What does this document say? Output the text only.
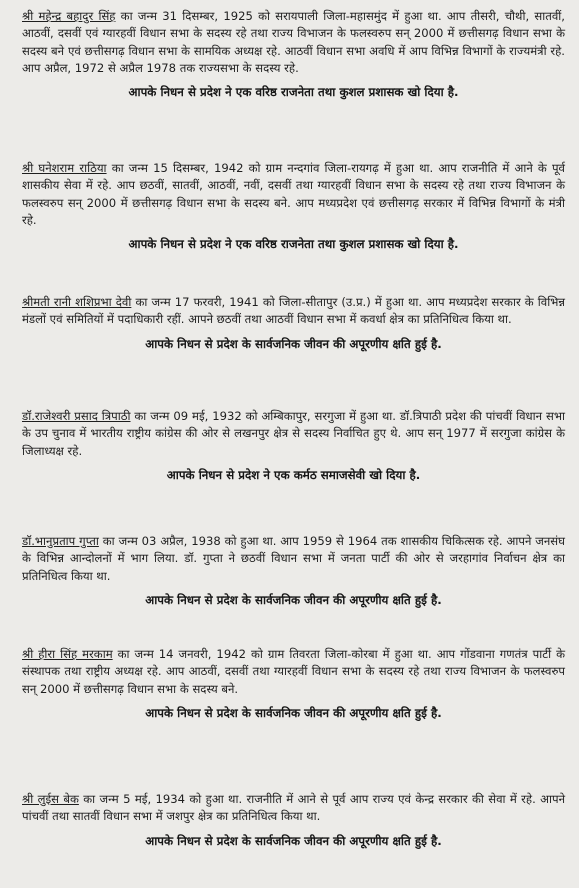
श्री महेन्द्र बहादुर सिंह का जन्म 31 दिसम्बर, 1925 को सरायपाली जिला-महासमुंद में हुआ था. आप तीसरी, चौथी, सातवीं, आठवीं, दसवीं एवं ग्यारहवीं विधान सभा के सदस्य रहे तथा राज्य विभाजन के फलस्वरुप सन् 2000 में छत्तीसगढ़ विधान सभा के सदस्य बने एवं छत्तीसगढ़ विधान सभा के सामयिक अध्यक्ष रहे. आठवीं विधान सभा अवधि में आप विभिन्न विभागों के राज्यमंत्री रहे. आप अप्रैल, 1972 से अप्रैल 1978 तक राज्यसभा के सदस्य रहे.

आपके निधन से प्रदेश ने एक वरिष्ठ राजनेता तथा कुशल प्रशासक खो दिया है.

श्री घनेशराम राठिया का जन्म 15 दिसम्बर, 1942 को ग्राम नन्दगांव जिला-रायगढ़ में हुआ था. आप राजनीति में आने के पूर्व शासकीय सेवा में रहे. आप छठवीं, सातवीं, आठवीं, नवीं, दसवीं तथा ग्यारहवीं विधान सभा के सदस्य रहे तथा राज्य विभाजन के फलस्वरुप सन् 2000 में छत्तीसगढ़ विधान सभा के सदस्य बने. आप मध्यप्रदेश एवं छत्तीसगढ़ सरकार में विभिन्न विभागों के मंत्री रहे.

आपके निधन से प्रदेश ने एक वरिष्ठ राजनेता तथा कुशल प्रशासक खो दिया है.

श्रीमती रानी शशिप्रभा देवी का जन्म 17 फरवरी, 1941 को जिला-सीतापुर (उ.प्र.) में हुआ था. आप मध्यप्रदेश सरकार के विभिन्न मंडलों एवं समितियों में पदाधिकारी रहीं. आपने छठवीं तथा आठवीं विधान सभा में कवर्धा क्षेत्र का प्रतिनिधित्व किया था.

आपके निधन से प्रदेश के सार्वजनिक जीवन की अपूरणीय क्षति हुई है.

डॉ.राजेश्वरी प्रसाद त्रिपाठी का जन्म 09 मई, 1932 को अम्बिकापुर, सरगुजा में हुआ था. डॉ.त्रिपाठी प्रदेश की पांचवीं विधान सभा के उप चुनाव में भारतीय राष्ट्रीय कांग्रेस की ओर से लखनपुर क्षेत्र से सदस्य निर्वाचित हुए थे. आप सन् 1977 में सरगुजा कांग्रेस के जिलाध्यक्ष रहे.

आपके निधन से प्रदेश ने एक कर्मठ समाजसेवी खो दिया है.

डॉ.भानुप्रताप गुप्ता का जन्म 03 अप्रैल, 1938 को हुआ था. आप 1959 से 1964 तक शासकीय चिकित्सक रहे. आपने जनसंघ के विभिन्न आन्दोलनों में भाग लिया. डॉ. गुप्ता ने छठवीं विधान सभा में जनता पार्टी की ओर से जरहागांव निर्वाचन क्षेत्र का प्रतिनिधित्व किया था.

आपके निधन से प्रदेश के सार्वजनिक जीवन की अपूरणीय क्षति हुई है.

श्री हीरा सिंह मरकाम का जन्म 14 जनवरी, 1942 को ग्राम तिवरता जिला-कोरबा में हुआ था. आप गोंडवाना गणतंत्र पार्टी के संस्थापक तथा राष्ट्रीय अध्यक्ष रहे. आप आठवीं, दसवीं तथा ग्यारहवीं विधान सभा के सदस्य रहे तथा राज्य विभाजन के फलस्वरुप सन् 2000 में छत्तीसगढ़ विधान सभा के सदस्य बने.

आपके निधन से प्रदेश के सार्वजनिक जीवन की अपूरणीय क्षति हुई है.

श्री लुईस बेक का जन्म 5 मई, 1934 को हुआ था. राजनीति में आने से पूर्व आप राज्य एवं केन्द्र सरकार की सेवा में रहे. आपने पांचवीं तथा सातवीं विधान सभा में जशपुर क्षेत्र का प्रतिनिधित्व किया था.

आपके निधन से प्रदेश के सार्वजनिक जीवन की अपूरणीय क्षति हुई है.
